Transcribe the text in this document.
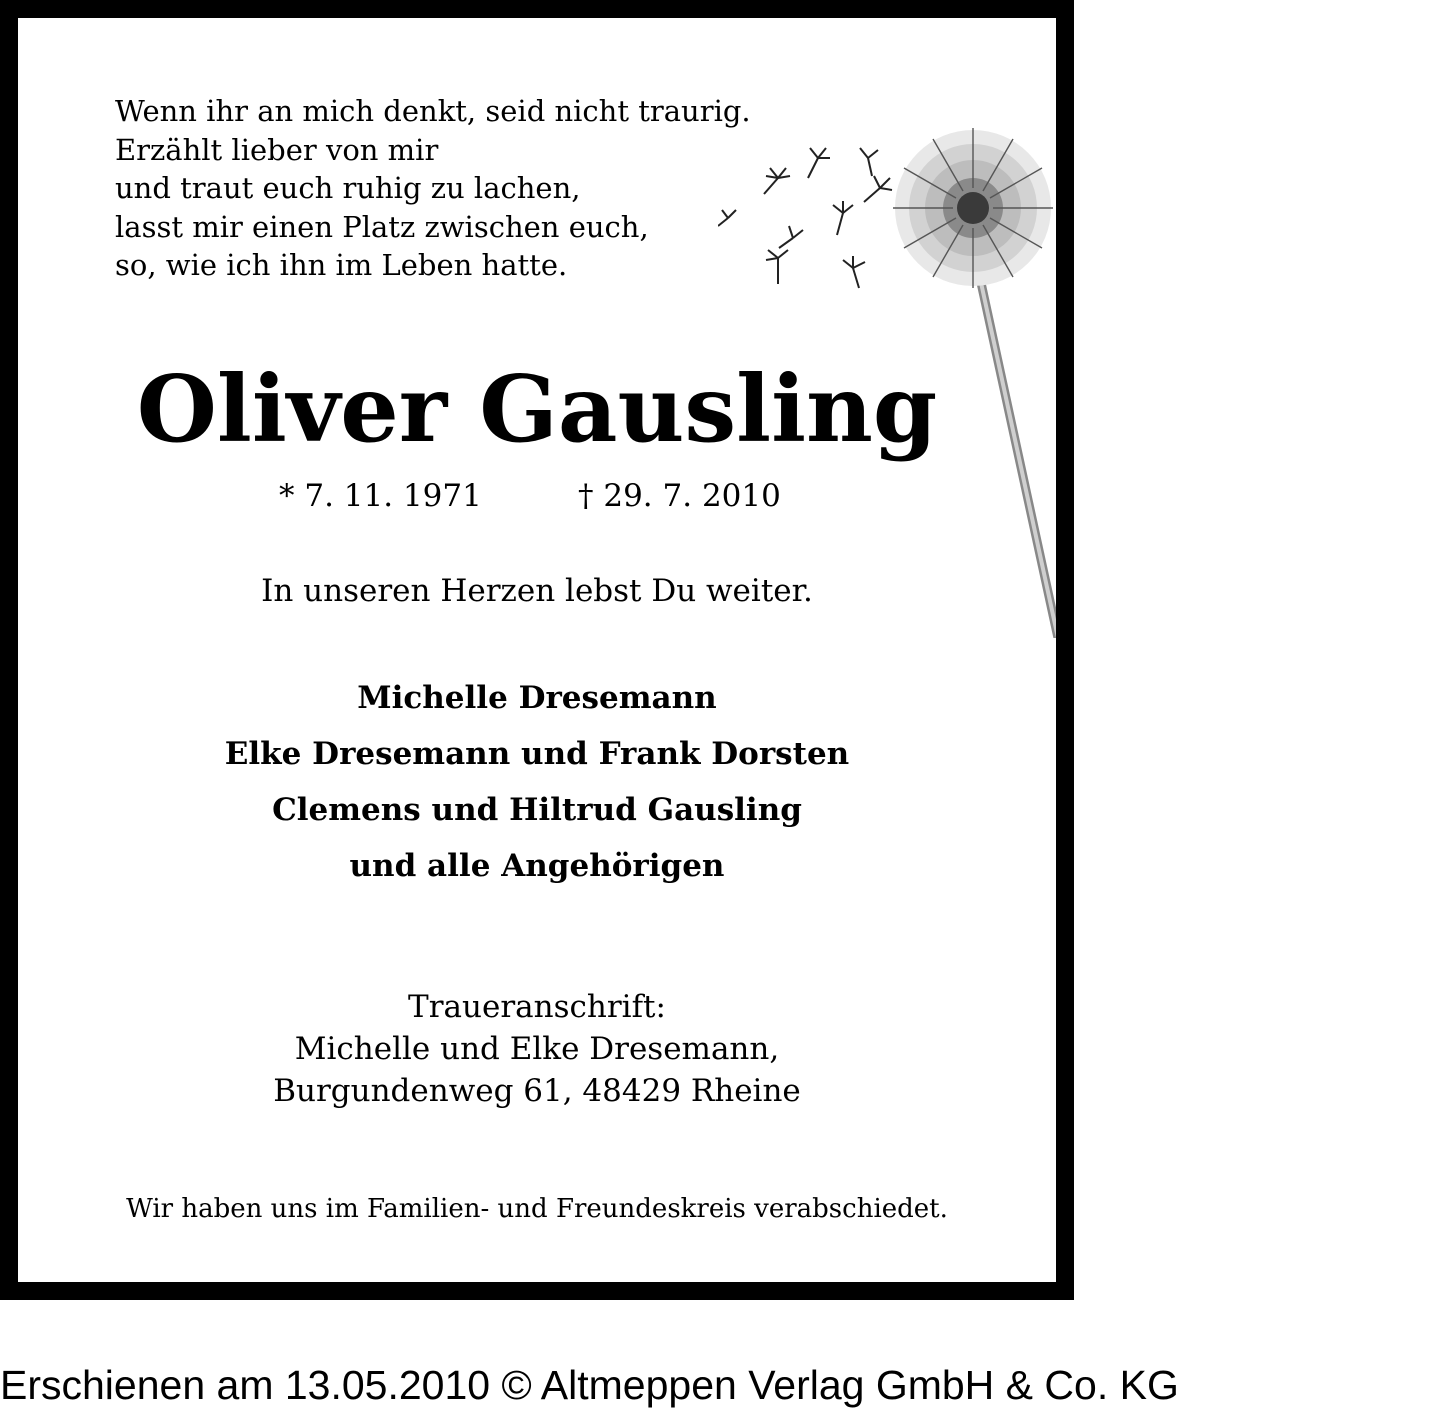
Wenn ihr an mich denkt, seid nicht traurig.
Erzählt lieber von mir
und traut euch ruhig zu lachen,
lasst mir einen Platz zwischen euch,
so, wie ich ihn im Leben hatte.
Oliver Gausling
* 7. 11. 1971	† 29. 7. 2010
In unseren Herzen lebst Du weiter.
Michelle Dresemann
Elke Dresemann und Frank Dorsten
Clemens und Hiltrud Gausling
und alle Angehörigen
Traueranschrift:
Michelle und Elke Dresemann,
Burgundenweg 61, 48429 Rheine
Wir haben uns im Familien- und Freundeskreis verabschiedet.
Erschienen am 13.05.2010 © Altmeppen Verlag GmbH & Co. KG
